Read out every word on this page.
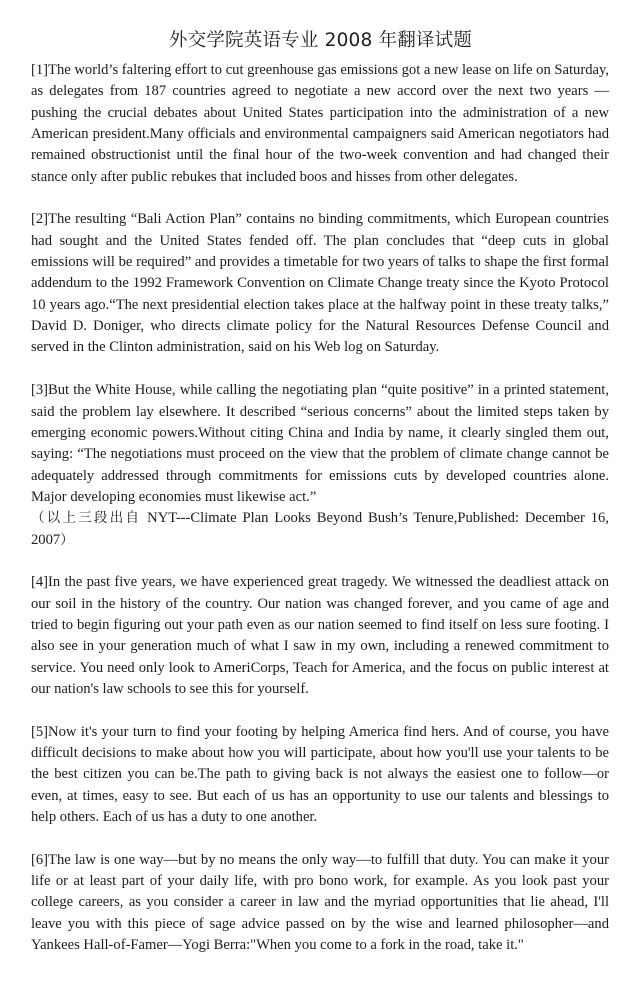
外交学院英语专业 2008 年翻译试题

[1]The world’s faltering effort to cut greenhouse gas emissions got a new lease on life on Saturday, as delegates from 187 countries agreed to negotiate a new accord over the next two years — pushing the crucial debates about United States participation into the administration of a new American president.Many officials and environmental campaigners said American negotiators had remained obstructionist until the final hour of the two-week convention and had changed their stance only after public rebukes that included boos and hisses from other delegates.

[2]The resulting “Bali Action Plan” contains no binding commitments, which European countries had sought and the United States fended off. The plan concludes that “deep cuts in global emissions will be required” and provides a timetable for two years of talks to shape the first formal addendum to the 1992 Framework Convention on Climate Change treaty since the Kyoto Protocol 10 years ago.“The next presidential election takes place at the halfway point in these treaty talks,” David D. Doniger, who directs climate policy for the Natural Resources Defense Council and served in the Clinton administration, said on his Web log on Saturday.

[3]But the White House, while calling the negotiating plan “quite positive” in a printed statement, said the problem lay elsewhere. It described “serious concerns” about the limited steps taken by emerging economic powers.Without citing China and India by name, it clearly singled them out, saying: “The negotiations must proceed on the view that the problem of climate change cannot be adequately addressed through commitments for emissions cuts by developed countries alone. Major developing economies must likewise act.”
（以上三段出自 NYT---Climate Plan Looks Beyond Bush’s Tenure,Published: December 16, 2007）

[4]In the past five years, we have experienced great tragedy. We witnessed the deadliest attack on our soil in the history of the country. Our nation was changed forever, and you came of age and tried to begin figuring out your path even as our nation seemed to find itself on less sure footing. I also see in your generation much of what I saw in my own, including a renewed commitment to service. You need only look to AmeriCorps, Teach for America, and the focus on public interest at our nation's law schools to see this for yourself.

[5]Now it's your turn to find your footing by helping America find hers. And of course, you have difficult decisions to make about how you will participate, about how you'll use your talents to be the best citizen you can be.The path to giving back is not always the easiest one to follow—or even, at times, easy to see. But each of us has an opportunity to use our talents and blessings to help others. Each of us has a duty to one another.

[6]The law is one way—but by no means the only way—to fulfill that duty. You can make it your life or at least part of your daily life, with pro bono work, for example. As you look past your college careers, as you consider a career in law and the myriad opportunities that lie ahead, I'll leave you with this piece of sage advice passed on by the wise and learned philosopher—and Yankees Hall-of-Famer—Yogi Berra:"When you come to a fork in the road, take it."
